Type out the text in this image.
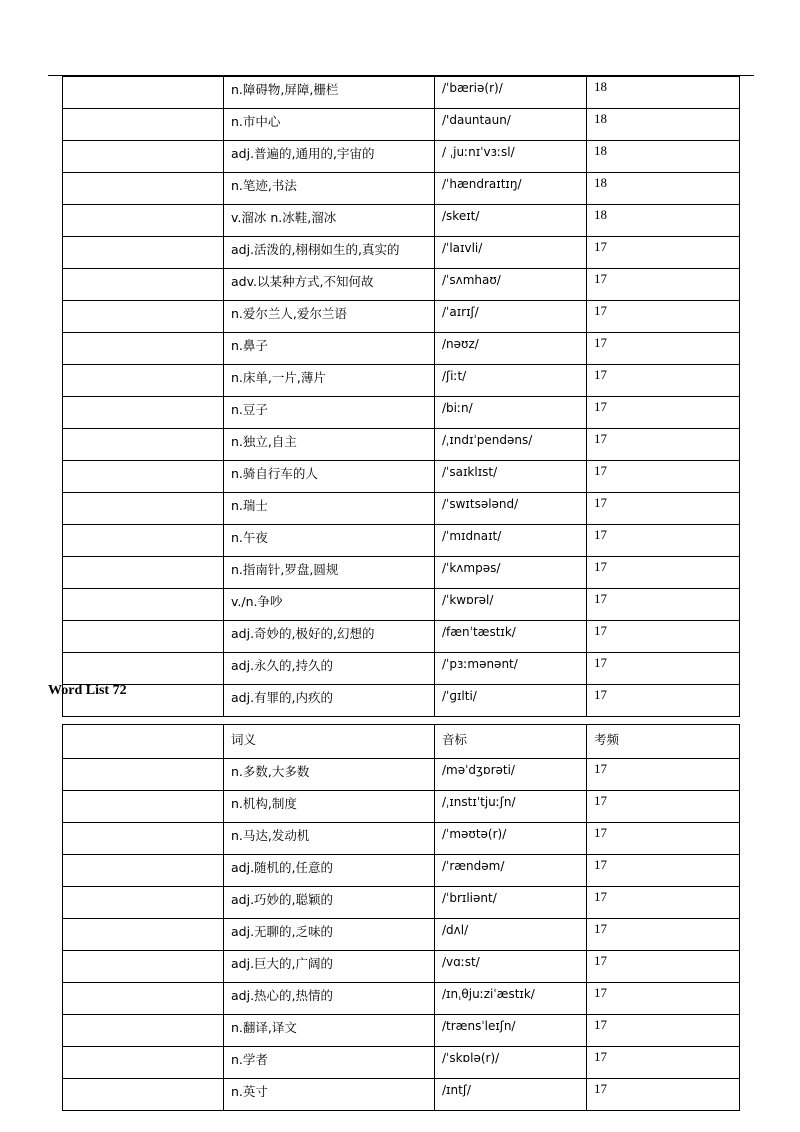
	n.障碍物,屏障,栅栏	/ˈbæriə(r)/	18
	n.市中心	/'dauntaun/	18
	adj.普遍的,通用的,宇宙的	/ ˌjuːnɪˈvɜːsl/	18
	n.笔迹,书法	/ˈhændraɪtɪŋ/	18
	v.溜冰 n.冰鞋,溜冰	/skeɪt/	18
	adj.活泼的,栩栩如生的,真实的	/ˈlaɪvli/	17
	adv.以某种方式,不知何故	/ˈsʌmhaʊ/	17
	n.爱尔兰人,爱尔兰语	/ˈaɪrɪʃ/	17
	n.鼻子	/nəʊz/	17
	n.床单,一片,薄片	/ʃiːt/	17
	n.豆子	/biːn/	17
	n.独立,自主	/ˌɪndɪˈpendəns/	17
	n.骑自行车的人	/ˈsaɪklɪst/	17
	n.瑞士	/ˈswɪtsələnd/	17
	n.午夜	/ˈmɪdnaɪt/	17
	n.指南针,罗盘,圆规	/ˈkʌmpəs/	17
	v./n.争吵	/ˈkwɒrəl/	17
	adj.奇妙的,极好的,幻想的	/fænˈtæstɪk/	17
	adj.永久的,持久的	/ˈpɜːmənənt/	17
	adj.有罪的,内疚的	/ˈɡɪlti/	17
Word List 72
	词义	音标	考频
	n.多数,大多数	/məˈdʒɒrəti/	17
	n.机构,制度	/ˌɪnstɪˈtjuːʃn/	17
	n.马达,发动机	/ˈməʊtə(r)/	17
	adj.随机的,任意的	/ˈrændəm/	17
	adj.巧妙的,聪颖的	/ˈbrɪliənt/	17
	adj.无聊的,乏味的	/dʌl/	17
	adj.巨大的,广阔的	/vɑːst/	17
	adj.热心的,热情的	/ɪnˌθjuːziˈæstɪk/	17
	n.翻译,译文	/trænsˈleɪʃn/	17
	n.学者	/ˈskɒlə(r)/	17
	n.英寸	/ɪntʃ/	17
